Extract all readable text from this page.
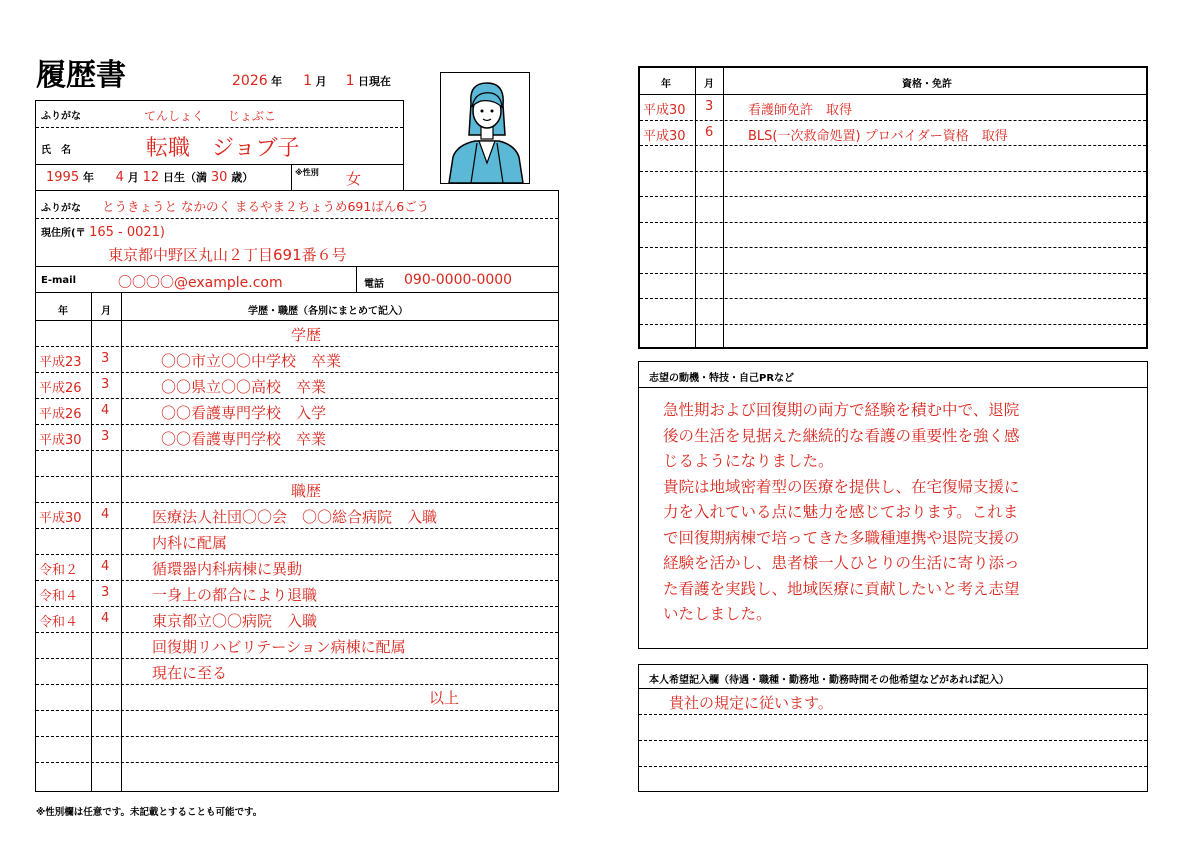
履歴書	2026 年 1 月 1 日現在
ふりがな	てんしょく　　じょぶこ
氏　名	転職　ジョブ子
1995 年 4 月 12 日生（満 30 歳）	※性別 女
ふりがな とうきょうと なかのく まるやま２ちょうめ691ばん6ごう
現住所(〒 165 - 0021)
東京都中野区丸山２丁目691番６号
E-mail	〇〇〇〇@example.com	電話 090-0000-0000
年	月	学歴・職歴（各別にまとめて記入）
学歴
平成23 3	〇〇市立〇〇中学校　卒業
平成26 3	〇〇県立〇〇高校　卒業
平成26 4	〇〇看護専門学校　入学
平成30 3	〇〇看護専門学校　卒業
職歴
平成30 4	医療法人社団〇〇会　〇〇総合病院　入職
内科に配属
令和２ 4	循環器内科病棟に異動
令和４ 3	一身上の都合により退職
令和４ 4	東京都立〇〇病院　入職
回復期リハビリテーション病棟に配属
現在に至る
以上
年	月	資格・免許
平成30 3	看護師免許　取得
平成30 6	BLS(一次救命処置) プロバイダー資格　取得
志望の動機・特技・自己PRなど
急性期および回復期の両方で経験を積む中で、退院
後の生活を見据えた継続的な看護の重要性を強く感
じるようになりました。
貴院は地域密着型の医療を提供し、在宅復帰支援に
力を入れている点に魅力を感じております。これま
で回復期病棟で培ってきた多職種連携や退院支援の
経験を活かし、患者様一人ひとりの生活に寄り添っ
た看護を実践し、地域医療に貢献したいと考え志望
いたしました。
本人希望記入欄（待遇・職種・勤務地・勤務時間その他希望などがあれば記入）
貴社の規定に従います。
※性別欄は任意です。未記載とすることも可能です。
